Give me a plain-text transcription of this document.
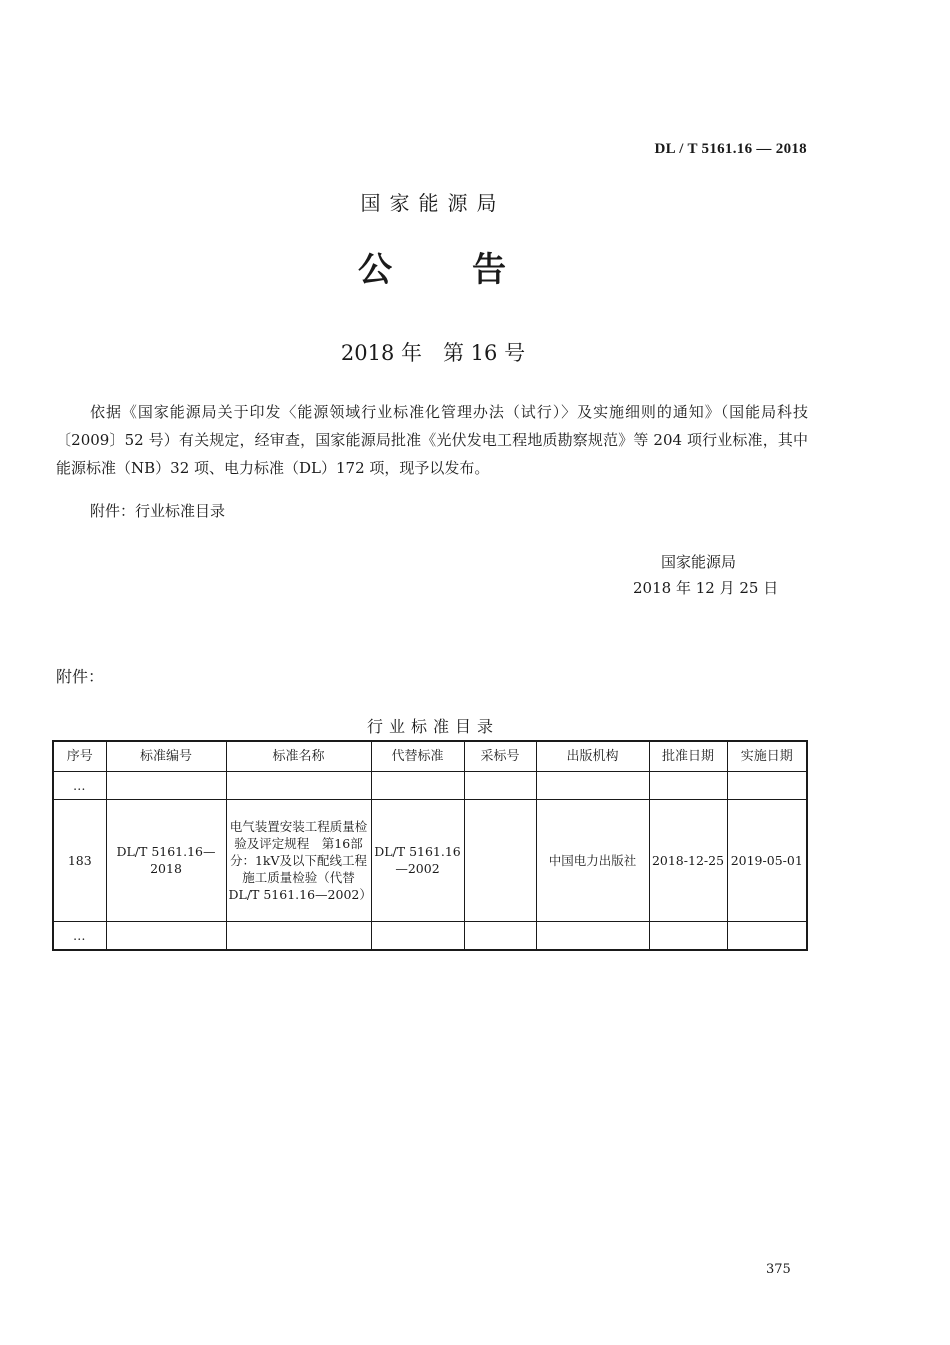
DL / T 5161.16 — 2018
国家能源局
公 告
2018 年　第 16 号
依据《国家能源局关于印发〈能源领域行业标准化管理办法（试行）〉及实施细则的通知》（国能局科技〔2009〕52 号）有关规定，经审查，国家能源局批准《光伏发电工程地质勘察规范》等 204 项行业标准，其中能源标准（NB）32 项、电力标准（DL）172 项，现予以发布。
附件：行业标准目录
国家能源局
2018 年 12 月 25 日
附件：
行业标准目录
序号	标准编号	标准名称	代替标准	采标号	出版机构	批准日期	实施日期
…							
183	DL/T 5161.16—2018	电气装置安装工程质量检验及评定规程　第16部分：1kV及以下配线工程施工质量检验（代替DL/T 5161.16—2002）	DL/T 5161.16—2002		中国电力出版社	2018-12-25	2019-05-01
…							
375
